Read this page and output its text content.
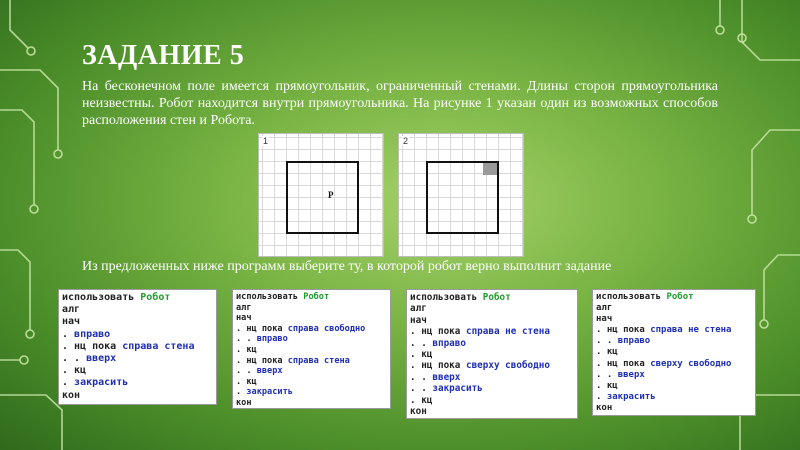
ЗАДАНИЕ 5

На бесконечном поле имеется прямоугольник, ограниченный стенами. Длины сторон прямоугольника неизвестны. Робот находится внутри прямоугольника. На рисунке 1 указан один из возможных способов расположения стен и Робота.

1
Р
2

Из предложенных ниже программ выберите ту, в которой робот верно выполнит задание

использовать Робот
алг
нач
. вправо
. нц пока справа стена
. . вверх
. кц
. закрасить
кон
использовать Робот
алг
нач
. нц пока справа свободно
. . вправо
. кц
. нц пока справа стена
. . вверх
. кц
. закрасить
кон
использовать Робот
алг
нач
. нц пока справа не стена
. . вправо
. кц
. нц пока сверху свободно
. . вверх
. . закрасить
. кц
кон
использовать Робот
алг
нач
. нц пока справа не стена
. . вправо
. кц
. нц пока сверху свободно
. . вверх
. кц
. закрасить
кон
